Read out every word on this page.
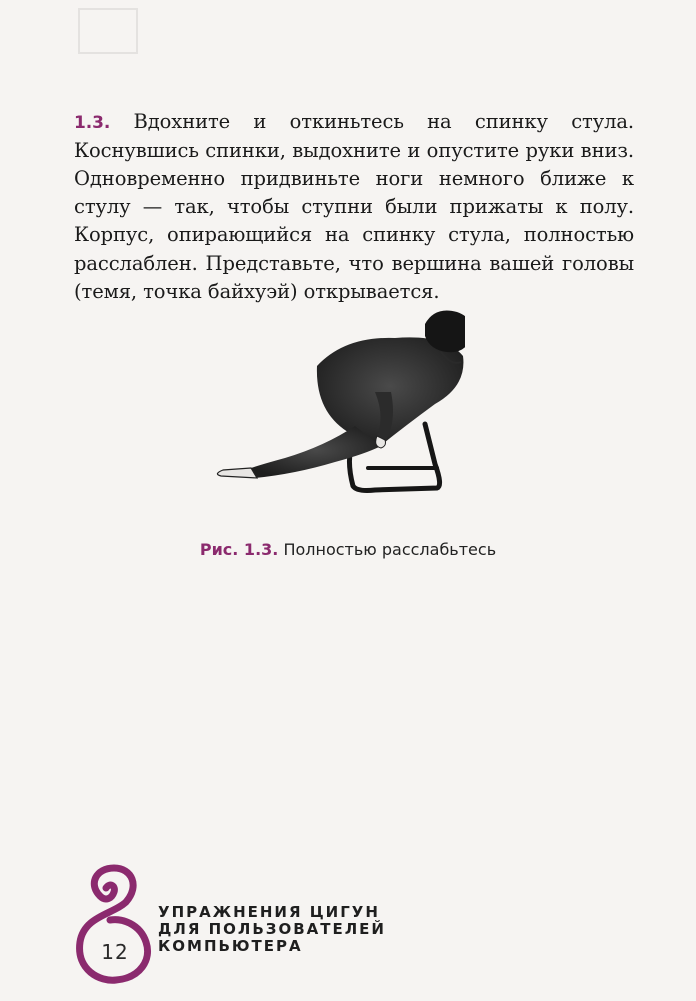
1.3. Вдохните и откиньтесь на спинку стула. Коснувшись спинки, выдохните и опустите руки вниз. Одновременно придвиньте ноги немного ближе к стулу — так, чтобы ступни были прижаты к полу. Корпус, опирающийся на спинку стула, полностью расслаблен. Представьте, что вершина вашей головы (темя, точка байхуэй) открывается.

Рис. 1.3. Полностью расслабьтесь
12
УПРАЖНЕНИЯ ЦИГУН
ДЛЯ ПОЛЬЗОВАТЕЛЕЙ
КОМПЬЮТЕРА
